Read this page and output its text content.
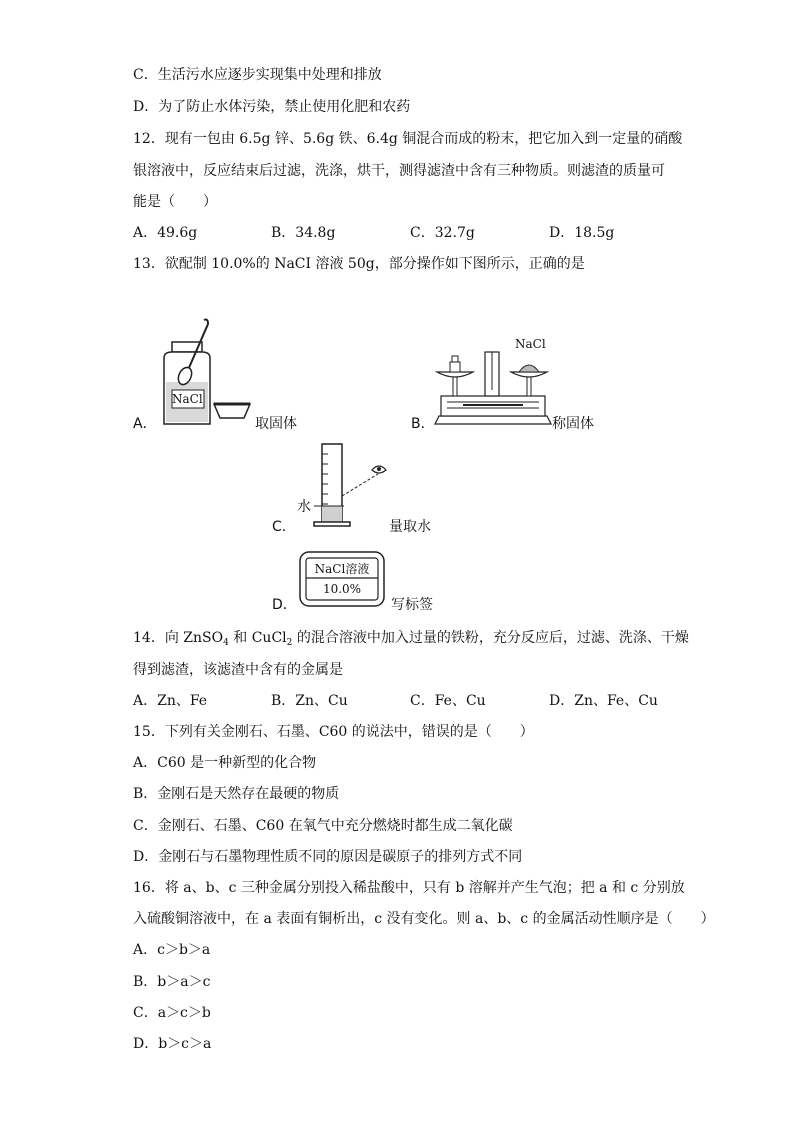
C．生活污水应逐步实现集中处理和排放
D．为了防止水体污染，禁止使用化肥和农药
12．现有一包由 6.5g 锌、5.6g 铁、6.4g 铜混合而成的粉末，把它加入到一定量的硝酸
银溶液中，反应结束后过滤，洗涤，烘干，测得滤渣中含有三种物质。则滤渣的质量可
能是（　　）
A．49.6g	B．34.8g	C．32.7g	D．18.5g
13．欲配制 10.0%的 NaCI 溶液 50g，部分操作如下图所示，正确的是
A．
NaCl
取固体	B．
NaCl
称固体
C．
水
量取水
D．
NaCl溶液
10.0%
写标签
14．向 ZnSO$_4$ 和 CuCl$_2$ 的混合溶液中加入过量的铁粉，充分反应后，过滤、洗涤、干燥
得到滤渣，该滤渣中含有的金属是
A．Zn、Fe	B．Zn、Cu	C．Fe、Cu	D．Zn、Fe、Cu
15．下列有关金刚石、石墨、C60 的说法中，错误的是（　　）
A．C60 是一种新型的化合物
B．金刚石是天然存在最硬的物质
C．金刚石、石墨、C60 在氧气中充分燃烧时都生成二氧化碳
D．金刚石与石墨物理性质不同的原因是碳原子的排列方式不同
16．将 a、b、c 三种金属分别投入稀盐酸中，只有 b 溶解并产生气泡；把 a 和 c 分别放
入硫酸铜溶液中，在 a 表面有铜析出，c 没有变化。则 a、b、c 的金属活动性顺序是（　　）
A．c＞b＞a
B．b＞a＞c
C．a＞c＞b
D．b＞c＞a
